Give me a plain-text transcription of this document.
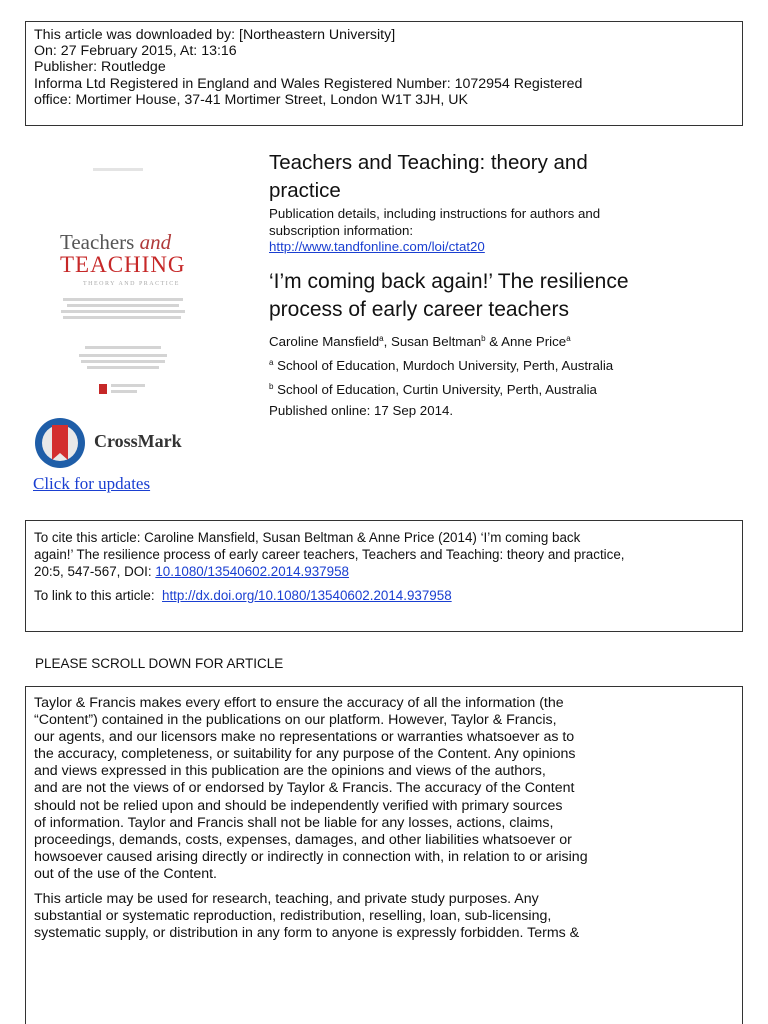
This article was downloaded by: [Northeastern University]
On: 27 February 2015, At: 13:16
Publisher: Routledge
Informa Ltd Registered in England and Wales Registered Number: 1072954 Registered
office: Mortimer House, 37-41 Mortimer Street, London W1T 3JH, UK
Teachers and
TEACHING
THEORY AND PRACTICE
CrossMark
Click for updates
Teachers and Teaching: theory and
practice
Publication details, including instructions for authors and
subscription information:
http://www.tandfonline.com/loi/ctat20
‘I’m coming back again!’ The resilience
process of early career teachers
Caroline Mansfield$^a$, Susan Beltman$^b$ & Anne Price$^a$
$^a$ School of Education, Murdoch University, Perth, Australia
$^b$ School of Education, Curtin University, Perth, Australia
Published online: 17 Sep 2014.
To cite this article: Caroline Mansfield, Susan Beltman & Anne Price (2014) ‘I’m coming back
again!’ The resilience process of early career teachers, Teachers and Teaching: theory and practice,
20:5, 547-567, DOI: 10.1080/13540602.2014.937958
To link to this article:  http://dx.doi.org/10.1080/13540602.2014.937958
PLEASE SCROLL DOWN FOR ARTICLE
Taylor & Francis makes every effort to ensure the accuracy of all the information (the
“Content”) contained in the publications on our platform. However, Taylor & Francis,
our agents, and our licensors make no representations or warranties whatsoever as to
the accuracy, completeness, or suitability for any purpose of the Content. Any opinions
and views expressed in this publication are the opinions and views of the authors,
and are not the views of or endorsed by Taylor & Francis. The accuracy of the Content
should not be relied upon and should be independently verified with primary sources
of information. Taylor and Francis shall not be liable for any losses, actions, claims,
proceedings, demands, costs, expenses, damages, and other liabilities whatsoever or
howsoever caused arising directly or indirectly in connection with, in relation to or arising
out of the use of the Content.
This article may be used for research, teaching, and private study purposes. Any
substantial or systematic reproduction, redistribution, reselling, loan, sub-licensing,
systematic supply, or distribution in any form to anyone is expressly forbidden. Terms &
